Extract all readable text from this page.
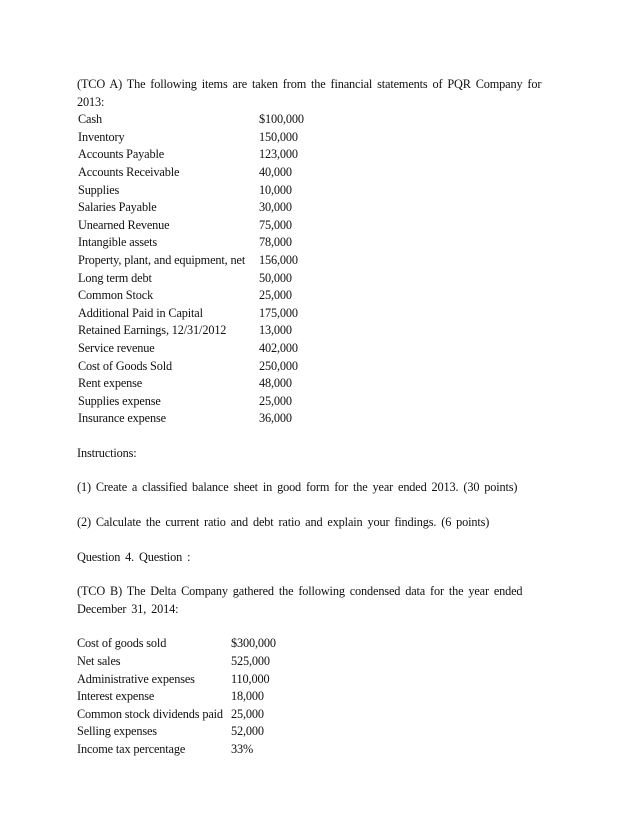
(TCO A) The following items are taken from the financial statements of PQR Company for 2013:

Cash	$100,000
Inventory	150,000
Accounts Payable	123,000
Accounts Receivable	40,000
Supplies	10,000
Salaries Payable	30,000
Unearned Revenue	75,000
Intangible assets	78,000
Property, plant, and equipment, net	156,000
Long term debt	50,000
Common Stock	25,000
Additional Paid in Capital	175,000
Retained Earnings, 12/31/2012	13,000
Service revenue	402,000
Cost of Goods Sold	250,000
Rent expense	48,000
Supplies expense	25,000
Insurance expense	36,000

Instructions:

(1) Create a classified balance sheet in good form for the year ended 2013. (30 points)

(2) Calculate the current ratio and debt ratio and explain your findings. (6 points)

Question 4. Question :

(TCO B) The Delta Company gathered the following condensed data for the year ended December 31, 2014:

Cost of goods sold	$300,000
Net sales	525,000
Administrative expenses	110,000
Interest expense	18,000
Common stock dividends paid 25,000
Selling expenses	52,000
Income tax percentage	33%
